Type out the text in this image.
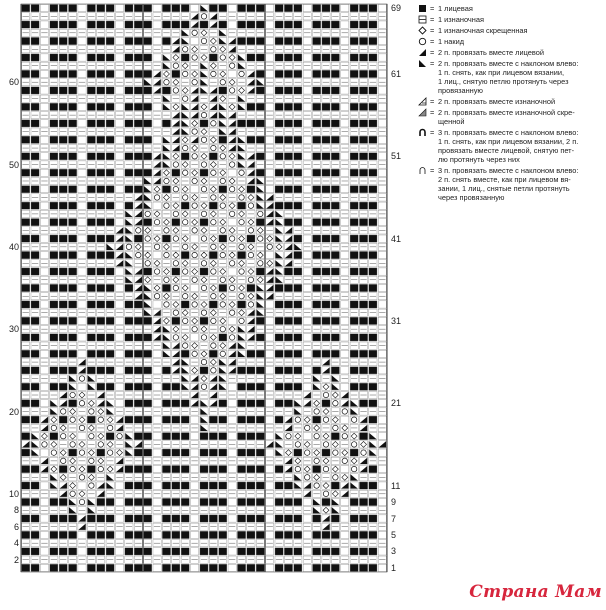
2
4
6
8
10
20
30
40
50
60
1
3
5
7
9
11
21
31
41
51
61
69	= 1 лицевая
= 1 изнаночная
= 1 изнаночная скрещенная
= 1 накид
= 2 п. провязать вместе лицевой
= 2 п. провязать вместе с наклоном влево:
1 п. снять, как при лицевом вязании,
1 лиц., снятую петлю протянуть через
провязанную
= 2 п. провязать вместе изнаночной
= 2 п. провязать вместе изнаночной скре-
щенной
= 3 п. провязать вместе с наклоном влево:
1 п. снять, как при лицевом вязании, 2 п.
провязать вместе лицевой, снятую пет-
лю протянуть через них
= 3 п. провязать вместе с наклоном влево:
2 п. снять вместе, как при лицевом вя-
зании, 1 лиц., снятые петли протянуть
через провязанную
Страна Мам
